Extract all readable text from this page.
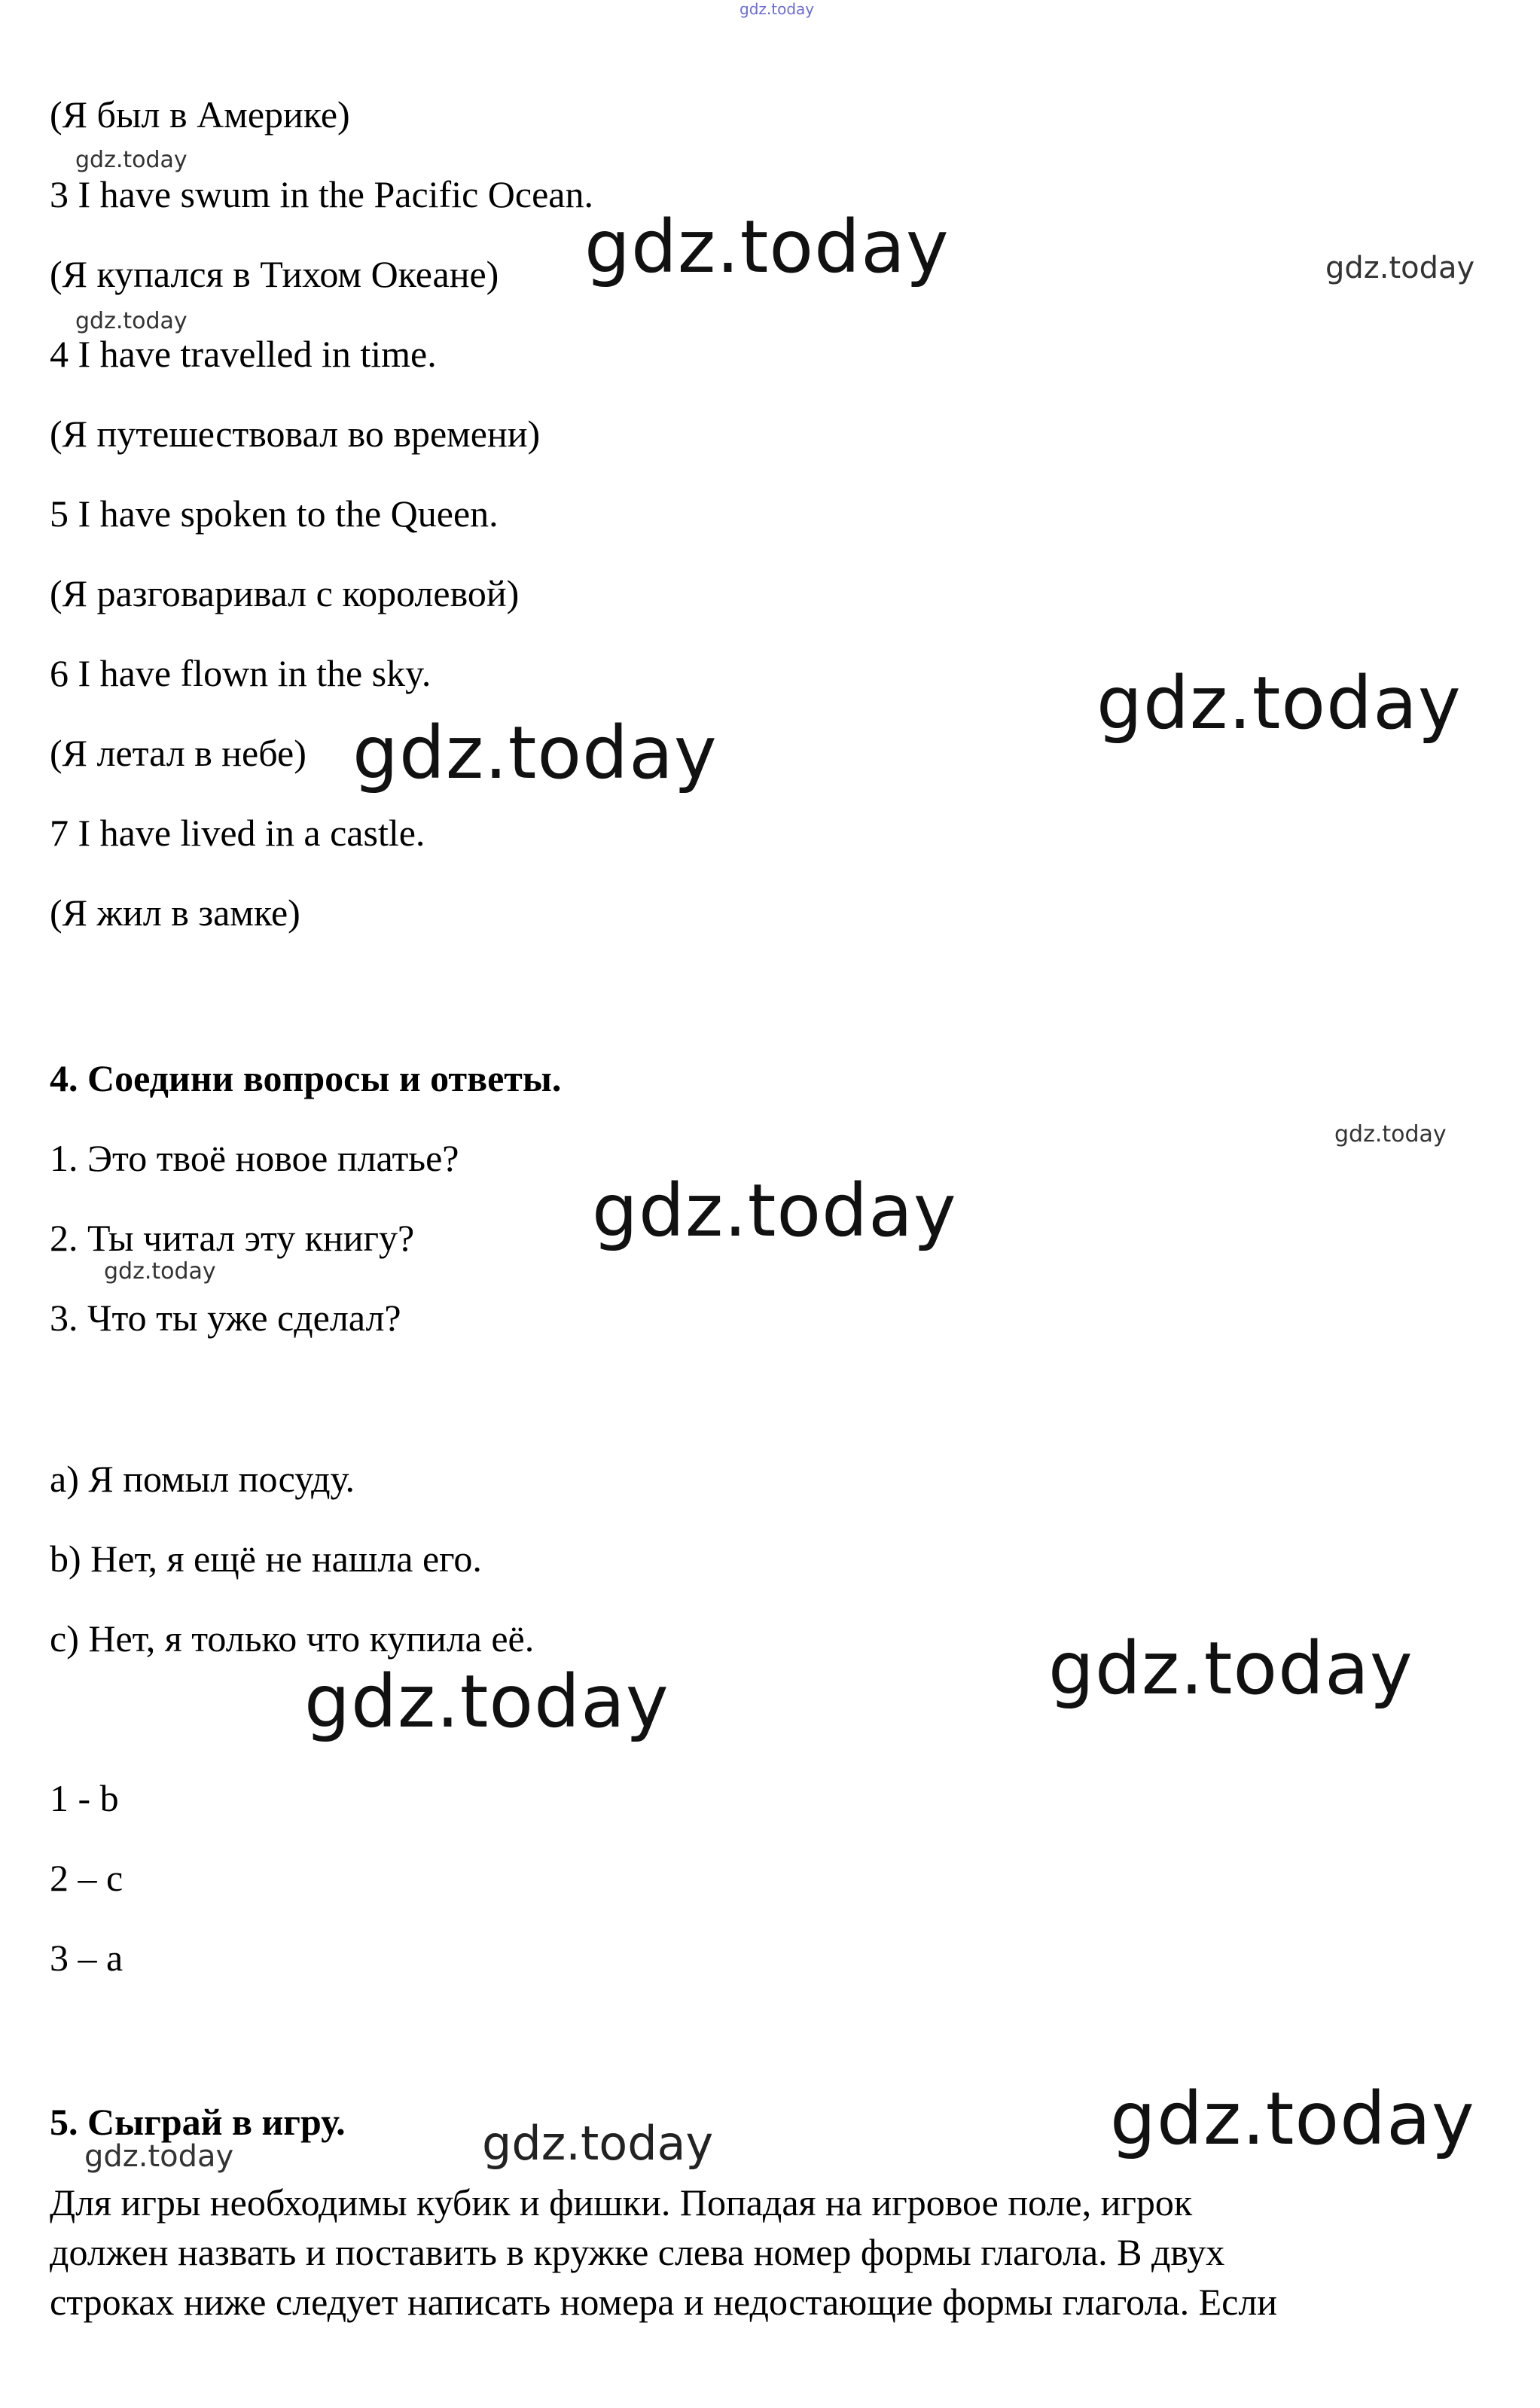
gdz.today

(Я был в Америке)

3 I have swum in the Pacific Ocean.

(Я купался в Тихом Океане)

4 I have travelled in time.

(Я путешествовал во времени)

5 I have spoken to the Queen.

(Я разговаривал с королевой)

6 I have flown in the sky.

(Я летал в небе)

7 I have lived in a castle.

(Я жил в замке)

4. Соедини вопросы и ответы.

1. Это твоё новое платье?

2. Ты читал эту книгу?

3. Что ты уже сделал?

a) Я помыл посуду.

b) Нет, я ещё не нашла его.

c) Нет, я только что купила её.

1 - b

2 – c

3 – a

5. Сыграй в игру.

Для игры необходимы кубик и фишки. Попадая на игровое поле, игрок

должен назвать и поставить в кружке слева номер формы глагола. В двух

строках ниже следует написать номера и недостающие формы глагола. Если

gdz.today
gdz.today	gdz.today
gdz.today
gdz.today
gdz.today
gdz.today
gdz.today
gdz.today
gdz.today
gdz.today
gdz.today
gdz.today
gdz.today
